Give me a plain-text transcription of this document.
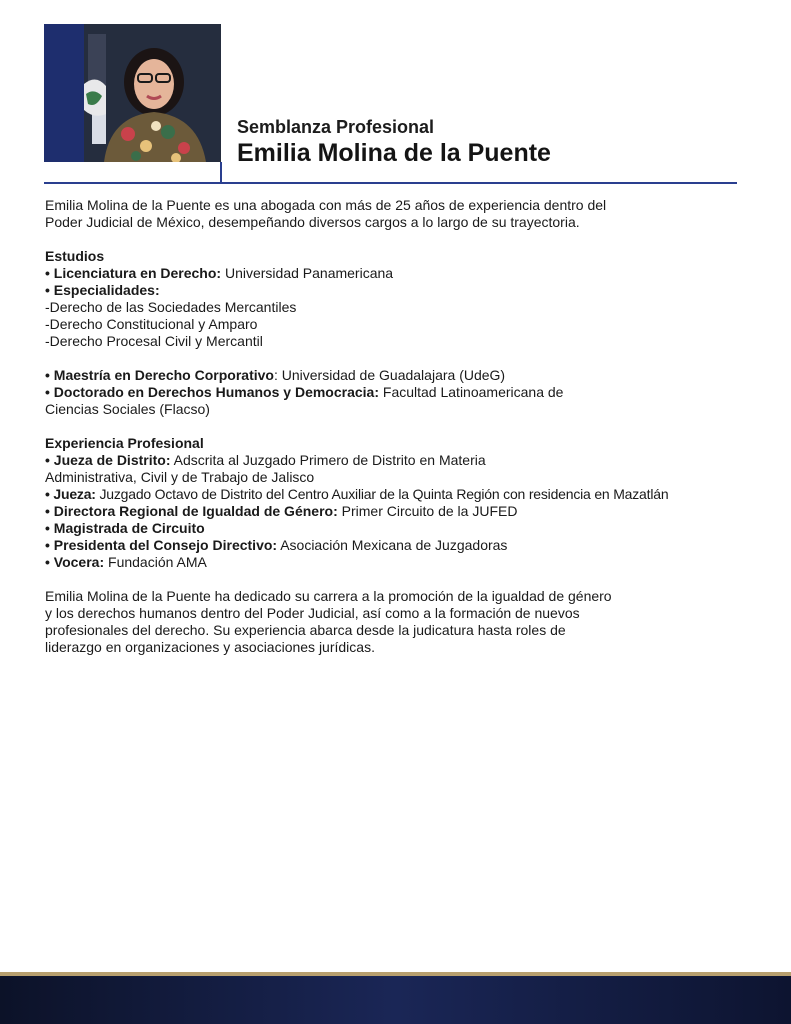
Semblanza Profesional
Emilia Molina de la Puente

Emilia Molina de la Puente es una abogada con más de 25 años de experiencia dentro del
Poder Judicial de México, desempeñando diversos cargos a lo largo de su trayectoria.

Estudios

• Licenciatura en Derecho: Universidad Panamericana

• Especialidades:

-Derecho de las Sociedades Mercantiles

-Derecho Constitucional y Amparo

-Derecho Procesal Civil y Mercantil

• Maestría en Derecho Corporativo: Universidad de Guadalajara (UdeG)

• Doctorado en Derechos Humanos y Democracia: Facultad Latinoamericana de
Ciencias Sociales (Flacso)

Experiencia Profesional

• Jueza de Distrito: Adscrita al Juzgado Primero de Distrito en Materia
Administrativa, Civil y de Trabajo de Jalisco

• Jueza: Juzgado Octavo de Distrito del Centro Auxiliar de la Quinta Región con residencia en Mazatlán

• Directora Regional de Igualdad de Género: Primer Circuito de la JUFED

• Magistrada de Circuito

• Presidenta del Consejo Directivo: Asociación Mexicana de Juzgadoras

• Vocera: Fundación AMA

Emilia Molina de la Puente ha dedicado su carrera a la promoción de la igualdad de género
y los derechos humanos dentro del Poder Judicial, así como a la formación de nuevos
profesionales del derecho. Su experiencia abarca desde la judicatura hasta roles de
liderazgo en organizaciones y asociaciones jurídicas.
